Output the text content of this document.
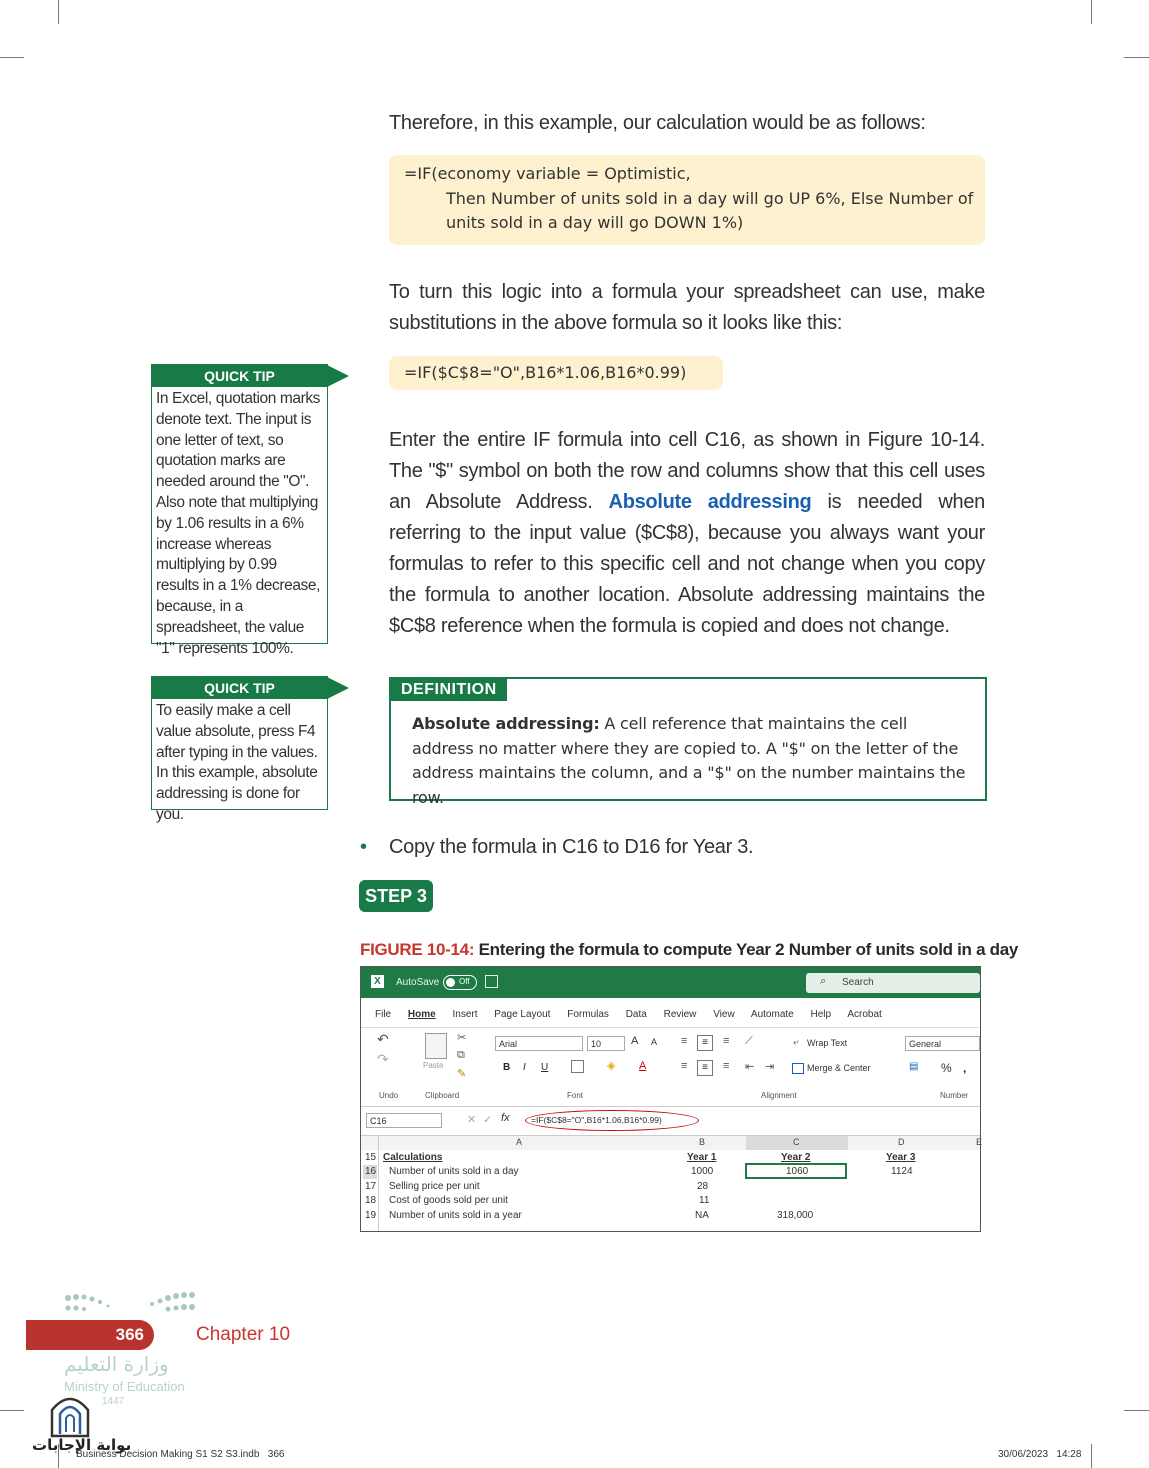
Therefore, in this example, our calculation would be as follows:
=IF(economy variable = Optimistic,
Then Number of units sold in a day will go UP 6%, Else Number of
units sold in a day will go DOWN 1%)

To turn this logic into a formula your spreadsheet can use, make substitutions in the above formula so it looks like this:

=IF($C$8="O",B16*1.06,B16*0.99)

Enter the entire IF formula into cell C16, as shown in Figure 10-14. The "$" symbol on both the row and columns show that this cell uses an Absolute Address. Absolute addressing is needed when referring to the input value ($C$8), because you always want your formulas to refer to this specific cell and not change when you copy the formula to another location. Absolute addressing maintains the $C$8 reference when the formula is copied and does not change.

QUICK TIP
In Excel, quotation marks denote text. The input is one letter of text, so quotation marks are needed around the "O". Also note that multiplying by 1.06 results in a 6% increase whereas multiplying by 0.99 results in a 1% decrease, because, in a spreadsheet, the value "1" represents 100%.
QUICK TIP
To easily make a cell value absolute, press F4 after typing in the values. In this example, absolute addressing is done for you.
DEFINITION
Absolute addressing: A cell reference that maintains the cell address no matter where they are copied to. A "$" on the letter of the address maintains the column, and a "$" on the number maintains the row.
• Copy the formula in C16 to D16 for Year 3.
STEP 3
FIGURE 10-14: Entering the formula to compute Year 2 Number of units sold in a day
X	AutoSave Off	⌕ Search
File Home Insert Page Layout Formulas Data Review View Automate Help Acrobat
↶
↷	Paste
✂
⧉
✎
Arial	10	A A
B I U	◈ A
≡
≡
≡
≡
≡
≡
⟋
⇤ ⇥
⤶ Wrap Text
Merge & Center
General
▤ % ,
Undo	Clipboard	Font	Alignment	Number
C16	✕ ✓ fx	=IF($C$8="O",B16*1.06,B16*0.99)
A	B	C	D	E
15 Calculations	Year 1	Year 2	Year 3
16 Number of units sold in a day	1000	1060	1124
17 Selling price per unit	28
18 Cost of goods sold per unit	11
19 Number of units sold in a year	NA	318,000
366	Chapter 10
وزارة التعليم
Ministry of Education
1447
بوابة الإجابات
Business Decision Making S1 S2 S3.indb   366	30/06/2023   14:28
